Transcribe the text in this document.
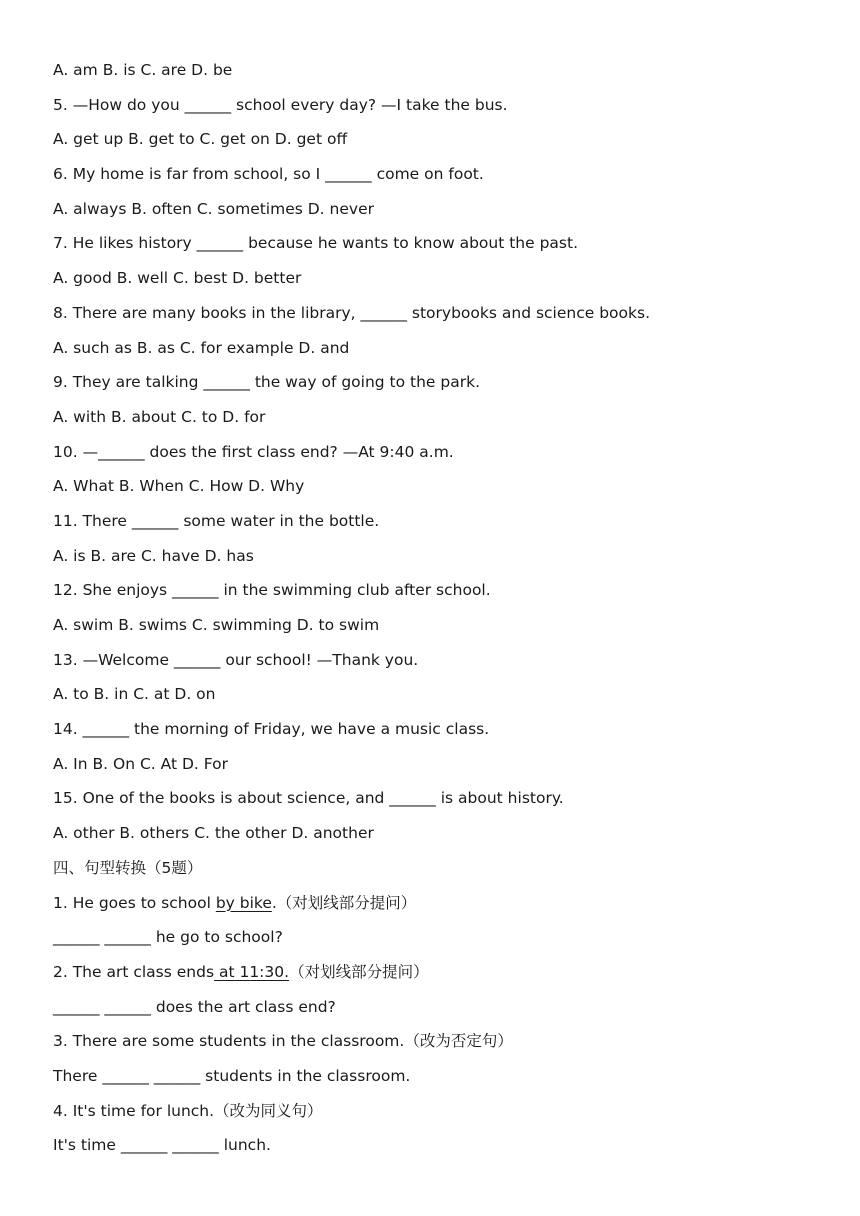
A. am B. is C. are D. be
5. —How do you ______ school every day? —I take the bus.
A. get up B. get to C. get on D. get off
6. My home is far from school, so I ______ come on foot.
A. always B. often C. sometimes D. never
7. He likes history ______ because he wants to know about the past.
A. good B. well C. best D. better
8. There are many books in the library, ______ storybooks and science books.
A. such as B. as C. for example D. and
9. They are talking ______ the way of going to the park.
A. with B. about C. to D. for
10. —______ does the first class end? —At 9:40 a.m.
A. What B. When C. How D. Why
11. There ______ some water in the bottle.
A. is B. are C. have D. has
12. She enjoys ______ in the swimming club after school.
A. swim B. swims C. swimming D. to swim
13. —Welcome ______ our school! —Thank you.
A. to B. in C. at D. on
14. ______ the morning of Friday, we have a music class.
A. In B. On C. At D. For
15. One of the books is about science, and ______ is about history.
A. other B. others C. the other D. another
四、句型转换（5题）
1. He goes to school by bike.（对划线部分提问）
______ ______ he go to school?
2. The art class ends at 11:30.（对划线部分提问）
______ ______ does the art class end?
3. There are some students in the classroom.（改为否定句）
There ______ ______ students in the classroom.
4. It's time for lunch.（改为同义句）
It's time ______ ______ lunch.
